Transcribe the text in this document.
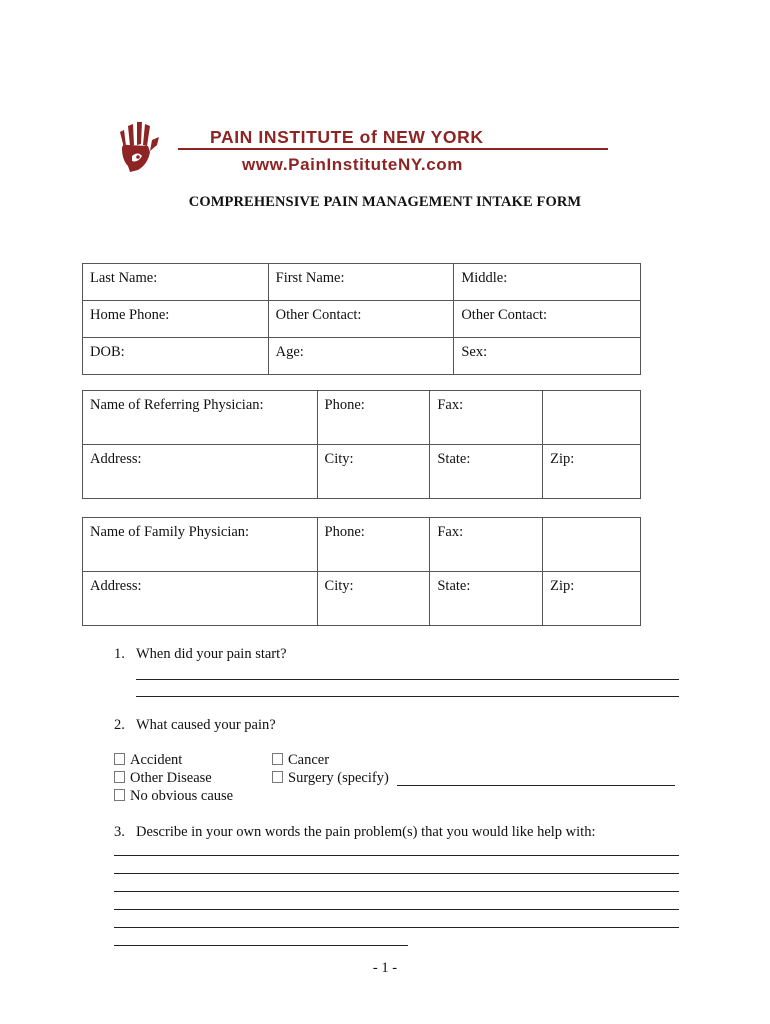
PAIN INSTITUTE of NEW YORK
www.PainInstituteNY.com
COMPREHENSIVE PAIN MANAGEMENT INTAKE FORM
Last Name:	First Name:	Middle:
Home Phone:	Other Contact:	Other Contact:
DOB:	Age:	Sex:
Name of Referring Physician:	Phone:	Fax:	
Address:	City:	State:	Zip:
Name of Family Physician:	Phone:	Fax:	
Address:	City:	State:	Zip:
1. When did your pain start?
2. What caused your pain?
Accident	Cancer
Other Disease	Surgery (specify)
No obvious cause
3. Describe in your own words the pain problem(s) that you would like help with:
- 1 -
